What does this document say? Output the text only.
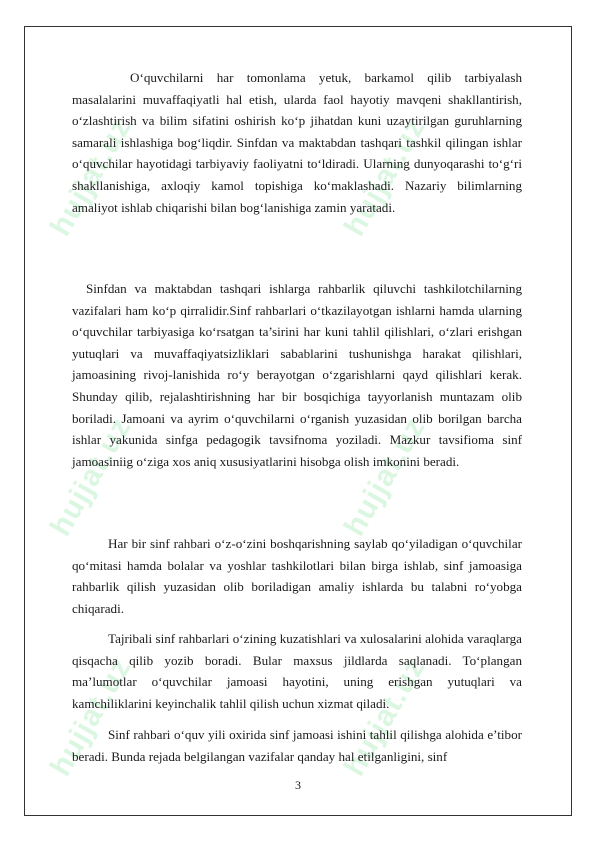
hujjat.uz
hujjat.uz
hujjat.uz
hujjat.uz
hujjat.uz
hujjat.uz

O‘quvchilarni har tomonlama yetuk, barkamol qilib tarbiyalash masalalarini muvaffaqiyatli hal etish, ularda faol hayotiy mavqeni shakllantirish, o‘zlashtirish va bilim sifatini oshirish ko‘p jihatdan kuni uzaytirilgan guruhlarning samarali ishlashiga bog‘liqdir. Sinfdan va maktabdan tashqari tashkil qilingan ishlar o‘quvchilar hayotidagi tarbiyaviy faoliyatni to‘ldiradi. Ularning dunyoqarashi to‘g‘ri shakllanishiga, axloqiy kamol topishiga ko‘maklashadi. Nazariy bilimlarning amaliyot ishlab chiqarishi bilan bog‘lanishiga zamin yaratadi.

Sinfdan va maktabdan tashqari ishlarga rahbarlik qiluvchi tashkilotchilarning vazifalari ham ko‘p qirralidir.Sinf rahbarlari o‘tkazilayotgan ishlarni hamda ularning o‘quvchilar tarbiyasiga ko‘rsatgan ta’sirini har kuni tahlil qilishlari, o‘zlari erishgan yutuqlari va muvaffaqiyatsizliklari sabablarini tushunishga harakat qilishlari, jamoasining rivoj-lanishida ro‘y berayotgan o‘zgarishlarni qayd qilishlari kerak. Shunday qilib, rejalashtirishning har bir bosqichiga tayyorlanish muntazam olib boriladi. Jamoani va ayrim o‘quvchilarni o‘rganish yuzasidan olib borilgan barcha ishlar yakunida sinfga pedagogik tavsifnoma yoziladi. Mazkur tavsifioma sinf jamoasiniig o‘ziga xos aniq xususiyatlarini hisobga olish imkonini beradi.

Har bir sinf rahbari o‘z-o‘zini boshqarishning saylab qo‘yiladigan o‘quvchilar qo‘mitasi hamda bolalar va yoshlar tashkilotlari bilan birga ishlab, sinf jamoasiga rahbarlik qilish yuzasidan olib boriladigan amaliy ishlarda bu talabni ro‘yobga chiqaradi.

Tajribali sinf rahbarlari o‘zining kuzatishlari va xulosalarini alohida varaqlarga qisqacha qilib yozib boradi. Bular maxsus jildlarda saqlanadi. To‘plangan ma’lumotlar o‘quvchilar jamoasi hayotini, uning erishgan yutuqlari va kamchiliklarini keyinchalik tahlil qilish uchun xizmat qiladi.

Sinf rahbari o‘quv yili oxirida sinf jamoasi ishini tahlil qilishga alohida e’tibor beradi. Bunda rejada belgilangan vazifalar qanday hal etilganligini, sinf

3
